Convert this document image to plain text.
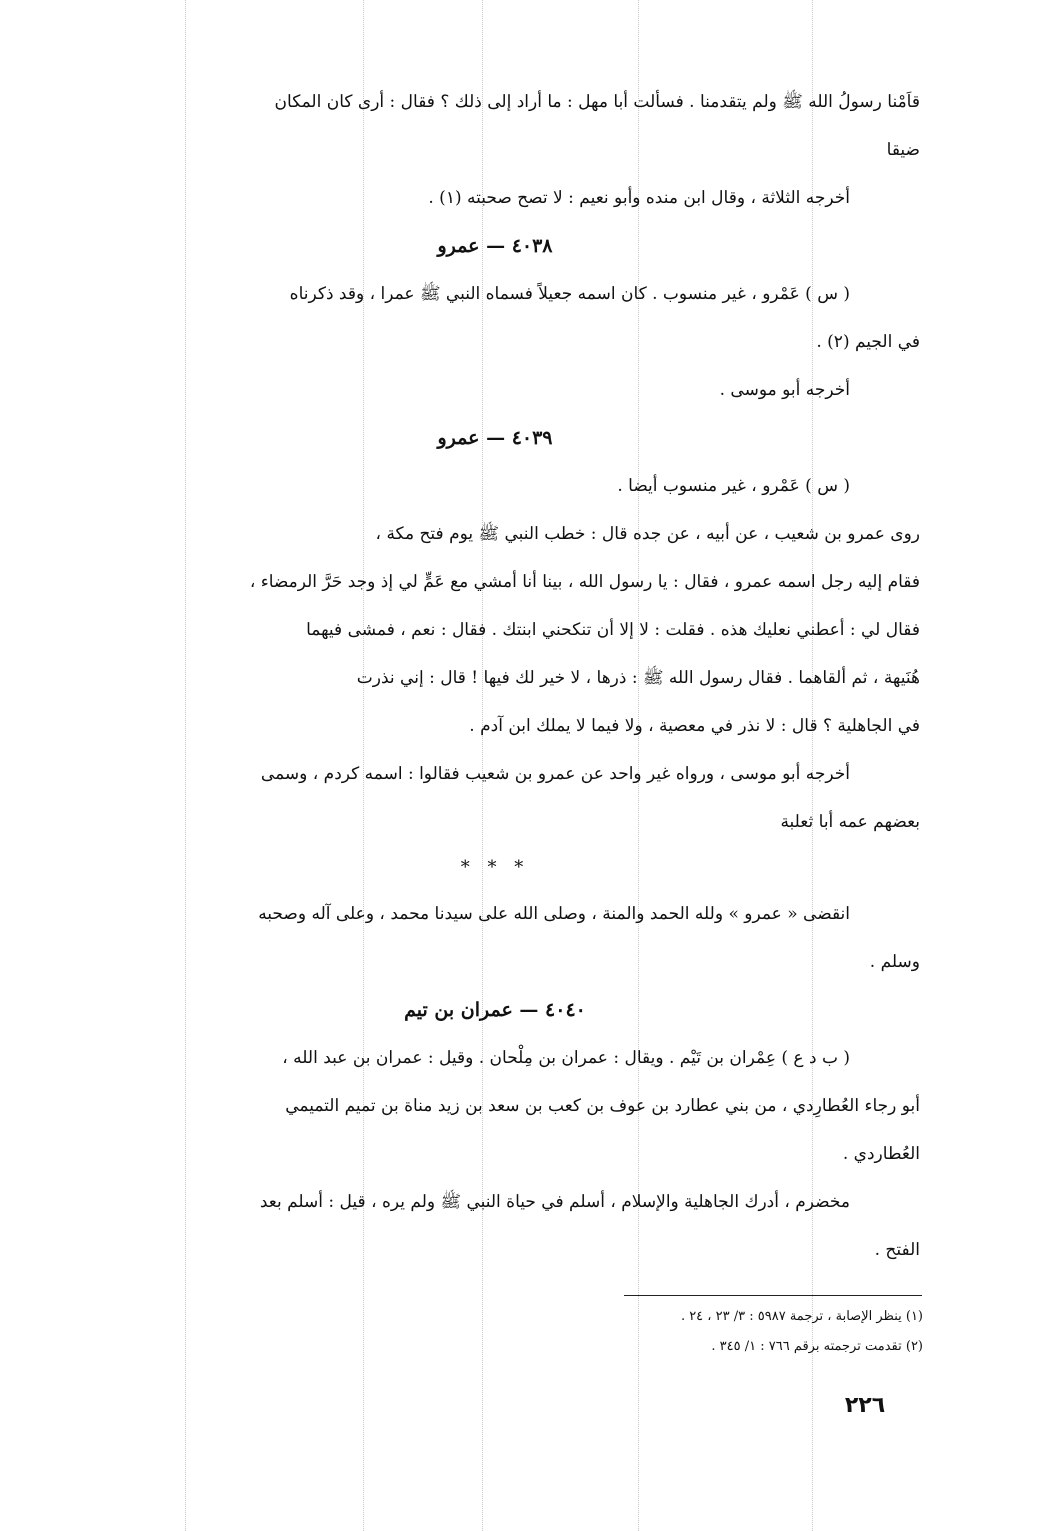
قاَمْنا رسولُ الله ﷺ ولم يتقدمنا . فسألت أبا مهل : ما أراد إلى ذلك ؟ فقال : أرى كان المكان

ضيقا

أخرجه الثلاثة ، وقال ابن منده وأبو نعيم : لا تصح صحبته (١) .

٤٠٣٨ — عمرو

( س ) عَمْرو ، غير منسوب . كان اسمه جعيلاً فسماه النبي ﷺ عمرا ، وقد ذكرناه

في الجيم (٢) .

أخرجه أبو موسى .

٤٠٣٩ — عمرو

( س ) عَمْرو ، غير منسوب أيضا .

روى عمرو بن شعيب ، عن أبيه ، عن جده قال : خطب النبي ﷺ يوم فتح مكة ،

فقام إليه رجل اسمه عمرو ، فقال : يا رسول الله ، بينا أنا أمشي مع عَمٍّ لي إذ وجد حَرَّ الرمضاء ،

فقال لي : أعطني نعليك هذه . فقلت : لا إلا أن تنكحني ابنتك . فقال : نعم ، فمشى فيهما

هُنَيهة ، ثم ألقاهما . فقال رسول الله ﷺ : ذرها ، لا خير لك فيها ! قال : إني نذرت

في الجاهلية ؟ قال : لا نذر في معصية ، ولا فيما لا يملك ابن آدم .

أخرجه أبو موسى ، ورواه غير واحد عن عمرو بن شعيب فقالوا : اسمه كردم ، وسمى

بعضهم عمه أبا ثعلبة

* * *

انقضى « عمرو » ولله الحمد والمنة ، وصلى الله على سيدنا محمد ، وعلى آله وصحبه

وسلم .

٤٠٤٠ — عمران بن تيم

( ب د ع ) عِمْران بن تَيْم . ويقال : عمران بن مِلْحان . وقيل : عمران بن عبد الله ،

أبو رجاء العُطارِدي ، من بني عطارد بن عوف بن كعب بن سعد بن زيد مناة بن تميم التميمي

العُطاردي .

مخضرم ، أدرك الجاهلية والإسلام ، أسلم في حياة النبي ﷺ ولم يره ، قيل : أسلم بعد

الفتح .

(١) ينظر الإصابة ، ترجمة ٥٩٨٧ : ٣/ ٢٣ ، ٢٤ .

(٢) تقدمت ترجمته برقم ٧٦٦ : ١/ ٣٤٥ .

٢٢٦
